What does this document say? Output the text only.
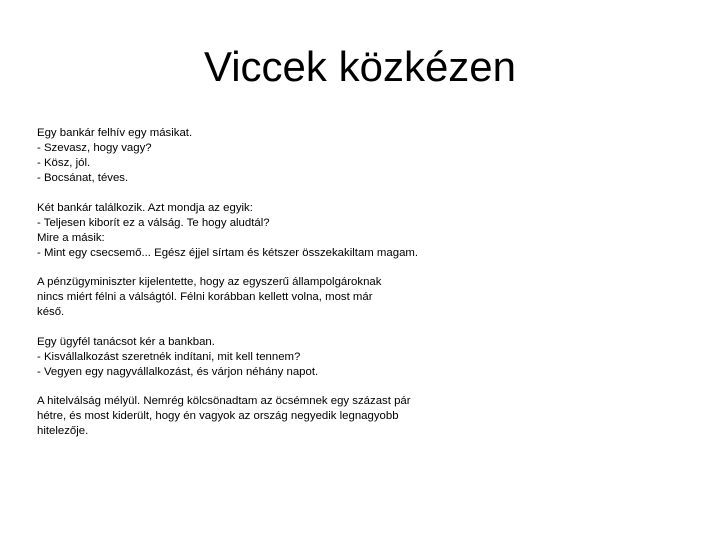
Viccek közkézen

Egy bankár felhív egy másikat.
- Szevasz, hogy vagy?
- Kösz, jól.
- Bocsánat, téves.

Két bankár találkozik. Azt mondja az egyik:
- Teljesen kiborít ez a válság. Te hogy aludtál?
Mire a másik:
- Mint egy csecsemő... Egész éjjel sírtam és kétszer összekakiltam magam.

A pénzügyminiszter kijelentette, hogy az egyszerű állampolgároknak
nincs miért félni a válságtól. Félni korábban kellett volna, most már
késő.

Egy ügyfél tanácsot kér a bankban.
- Kisvállalkozást szeretnék indítani, mit kell tennem?
- Vegyen egy nagyvállalkozást, és várjon néhány napot.

A hitelválság mélyül. Nemrég kölcsönadtam az öcsémnek egy százast pár
hétre, és most kiderült, hogy én vagyok az ország negyedik legnagyobb
hitelezője.
